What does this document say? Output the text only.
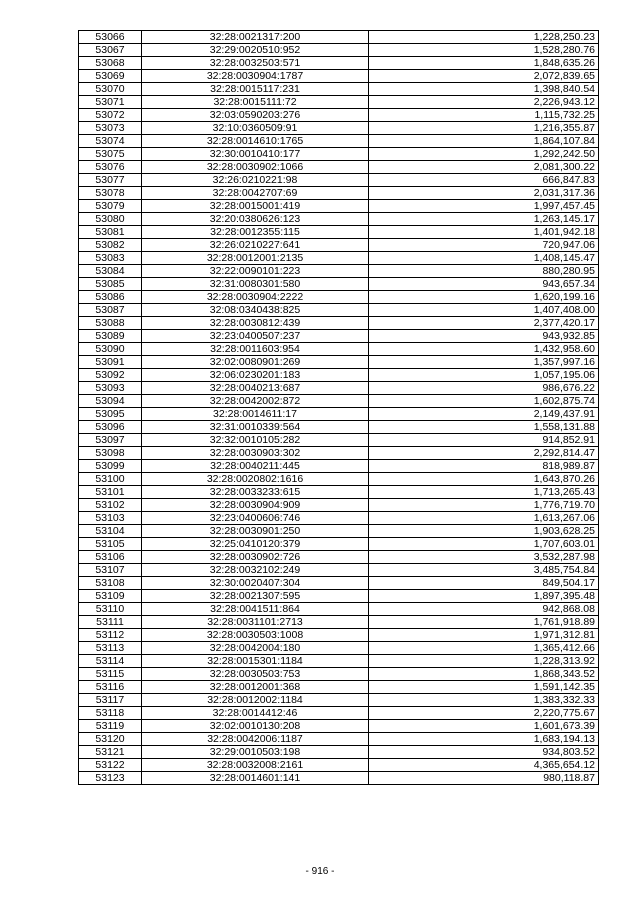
53066	32:28:0021317:200	1,228,250.23
53067	32:29:0020510:952	1,528,280.76
53068	32:28:0032503:571	1,848,635.26
53069	32:28:0030904:1787	2,072,839.65
53070	32:28:0015117:231	1,398,840.54
53071	32:28:0015111:72	2,226,943.12
53072	32:03:0590203:276	1,115,732.25
53073	32:10:0360509:91	1,216,355.87
53074	32:28:0014610:1765	1,864,107.84
53075	32:30:0010410:177	1,292,242.50
53076	32:28:0030902:1066	2,081,300.22
53077	32:26:0210221:98	666,847.83
53078	32:28:0042707:69	2,031,317.36
53079	32:28:0015001:419	1,997,457.45
53080	32:20:0380626:123	1,263,145.17
53081	32:28:0012355:115	1,401,942.18
53082	32:26:0210227:641	720,947.06
53083	32:28:0012001:2135	1,408,145.47
53084	32:22:0090101:223	880,280.95
53085	32:31:0080301:580	943,657.34
53086	32:28:0030904:2222	1,620,199.16
53087	32:08:0340438:825	1,407,408.00
53088	32:28:0030812:439	2,377,420.17
53089	32:23:0400507:237	943,932.85
53090	32:28:0011603:954	1,432,958.60
53091	32:02:0080901:269	1,357,997.16
53092	32:06:0230201:183	1,057,195.06
53093	32:28:0040213:687	986,676.22
53094	32:28:0042002:872	1,602,875.74
53095	32:28:0014611:17	2,149,437.91
53096	32:31:0010339:564	1,558,131.88
53097	32:32:0010105:282	914,852.91
53098	32:28:0030903:302	2,292,814.47
53099	32:28:0040211:445	818,989.87
53100	32:28:0020802:1616	1,643,870.26
53101	32:28:0033233:615	1,713,265.43
53102	32:28:0030904:909	1,776,719.70
53103	32:23:0400606:746	1,613,267.06
53104	32:28:0030901:250	1,903,628.25
53105	32:25:0410120:379	1,707,603.01
53106	32:28:0030902:726	3,532,287.98
53107	32:28:0032102:249	3,485,754.84
53108	32:30:0020407:304	849,504.17
53109	32:28:0021307:595	1,897,395.48
53110	32:28:0041511:864	942,868.08
53111	32:28:0031101:2713	1,761,918.89
53112	32:28:0030503:1008	1,971,312.81
53113	32:28:0042004:180	1,365,412.66
53114	32:28:0015301:1184	1,228,313.92
53115	32:28:0030503:753	1,868,343.52
53116	32:28:0012001:368	1,591,142.35
53117	32:28:0012002:1184	1,383,332.33
53118	32:28:0014412:46	2,220,775.67
53119	32:02:0010130:208	1,601,673.39
53120	32:28:0042006:1187	1,683,194.13
53121	32:29:0010503:198	934,803.52
53122	32:28:0032008:2161	4,365,654.12
53123	32:28:0014601:141	980,118.87
- 916 -
